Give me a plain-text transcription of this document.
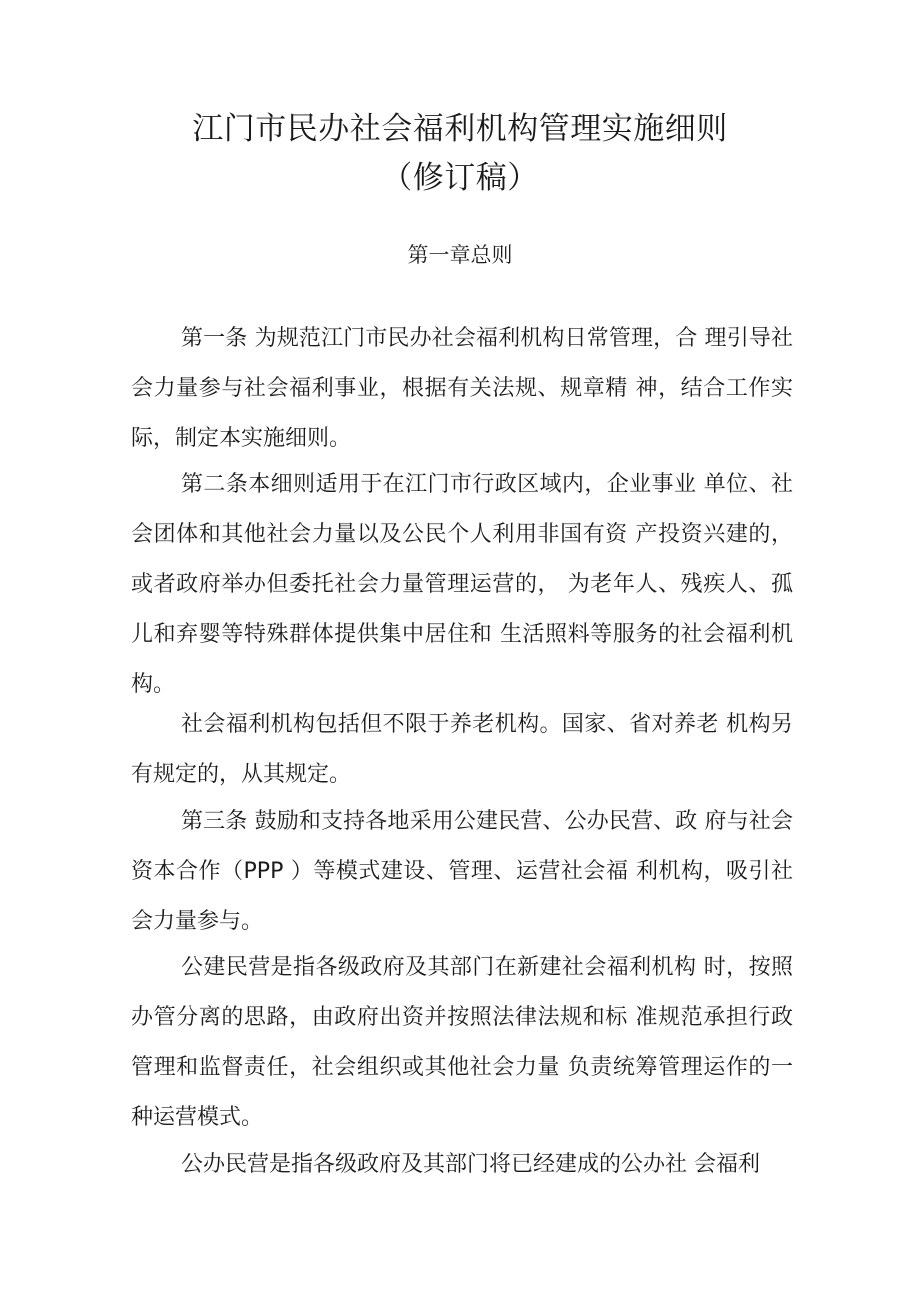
江门市民办社会福利机构管理实施细则
（修订稿）
第一章总则
第一条 为规范江门市民办社会福利机构日常管理，合 理引导社会力量参与社会福利事业，根据有关法规、规章精 神，结合工作实际，制定本实施细则。
第二条本细则适用于在江门市行政区域内，企业事业 单位、社会团体和其他社会力量以及公民个人利用非国有资 产投资兴建的，或者政府举办但委托社会力量管理运营的， 为老年人、残疾人、孤儿和弃婴等特殊群体提供集中居住和 生活照料等服务的社会福利机构。
社会福利机构包括但不限于养老机构。国家、省对养老 机构另有规定的，从其规定。
第三条 鼓励和支持各地采用公建民营、公办民营、政 府与社会资本合作（PPP ）等模式建设、管理、运营社会福 利机构，吸引社会力量参与。
公建民营是指各级政府及其部门在新建社会福利机构 时，按照办管分离的思路，由政府出资并按照法律法规和标 准规范承担行政管理和监督责任，社会组织或其他社会力量 负责统筹管理运作的一种运营模式。
公办民营是指各级政府及其部门将已经建成的公办社 会福利
